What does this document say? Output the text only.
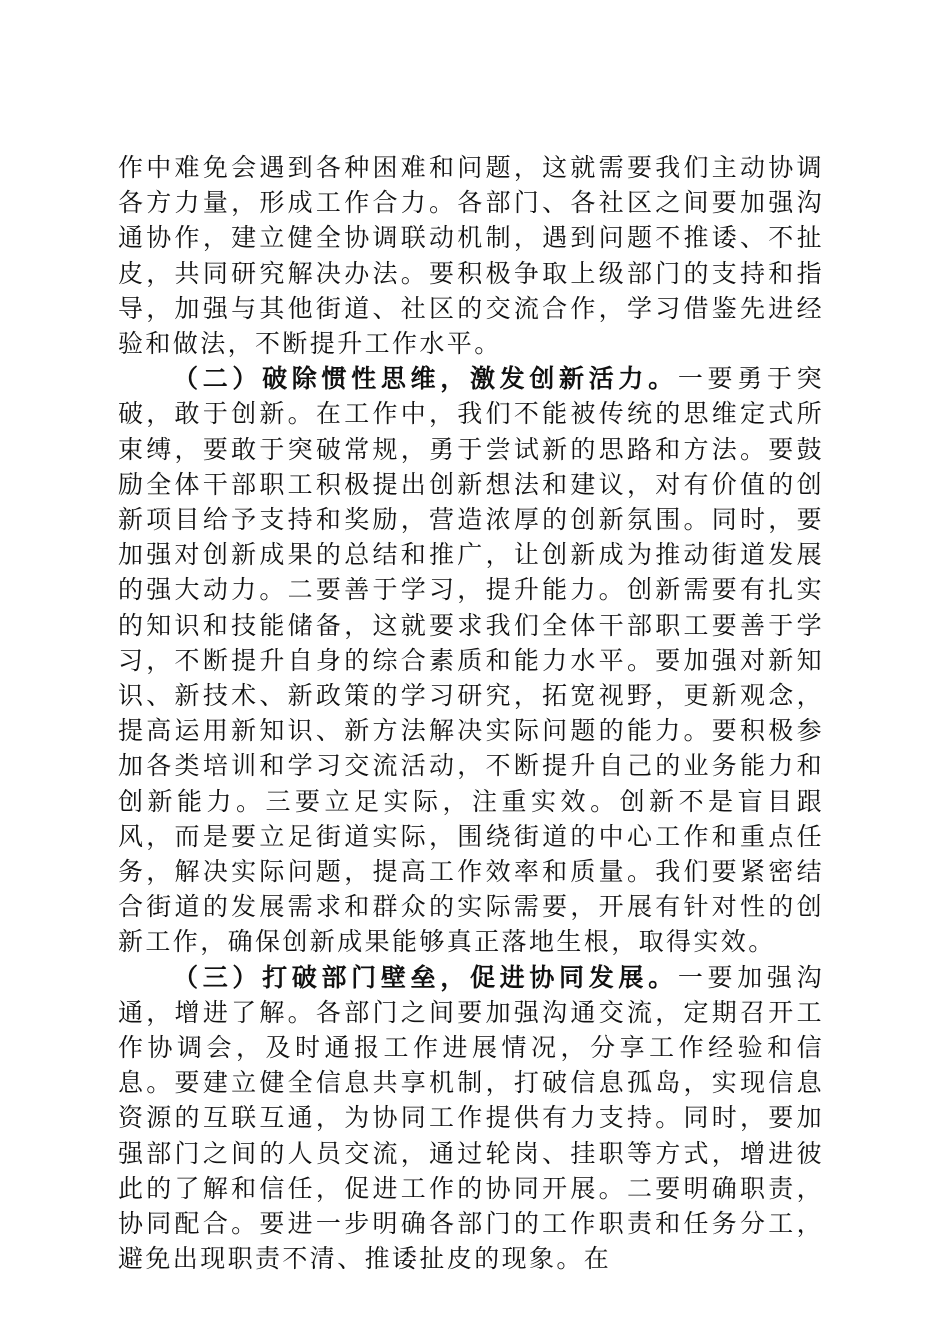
作中难免会遇到各种困难和问题，这就需要我们主动协调各方力量，形成工作合力。各部门、各社区之间要加强沟通协作，建立健全协调联动机制，遇到问题不推诿、不扯皮，共同研究解决办法。要积极争取上级部门的支持和指导，加强与其他街道、社区的交流合作，学习借鉴先进经验和做法，不断提升工作水平。

（二）破除惯性思维，激发创新活力。一要勇于突破，敢于创新。在工作中，我们不能被传统的思维定式所束缚，要敢于突破常规，勇于尝试新的思路和方法。要鼓励全体干部职工积极提出创新想法和建议，对有价值的创新项目给予支持和奖励，营造浓厚的创新氛围。同时，要加强对创新成果的总结和推广，让创新成为推动街道发展的强大动力。二要善于学习，提升能力。创新需要有扎实的知识和技能储备，这就要求我们全体干部职工要善于学习，不断提升自身的综合素质和能力水平。要加强对新知识、新技术、新政策的学习研究，拓宽视野，更新观念，提高运用新知识、新方法解决实际问题的能力。要积极参加各类培训和学习交流活动，不断提升自己的业务能力和创新能力。三要立足实际，注重实效。创新不是盲目跟风，而是要立足街道实际，围绕街道的中心工作和重点任务，解决实际问题，提高工作效率和质量。我们要紧密结合街道的发展需求和群众的实际需要，开展有针对性的创新工作，确保创新成果能够真正落地生根，取得实效。

（三）打破部门壁垒，促进协同发展。一要加强沟通，增进了解。各部门之间要加强沟通交流，定期召开工作协调会，及时通报工作进展情况，分享工作经验和信息。要建立健全信息共享机制，打破信息孤岛，实现信息资源的互联互通，为协同工作提供有力支持。同时，要加强部门之间的人员交流，通过轮岗、挂职等方式，增进彼此的了解和信任，促进工作的协同开展。二要明确职责，协同配合。要进一步明确各部门的工作职责和任务分工，避免出现职责不清、推诿扯皮的现象。在
